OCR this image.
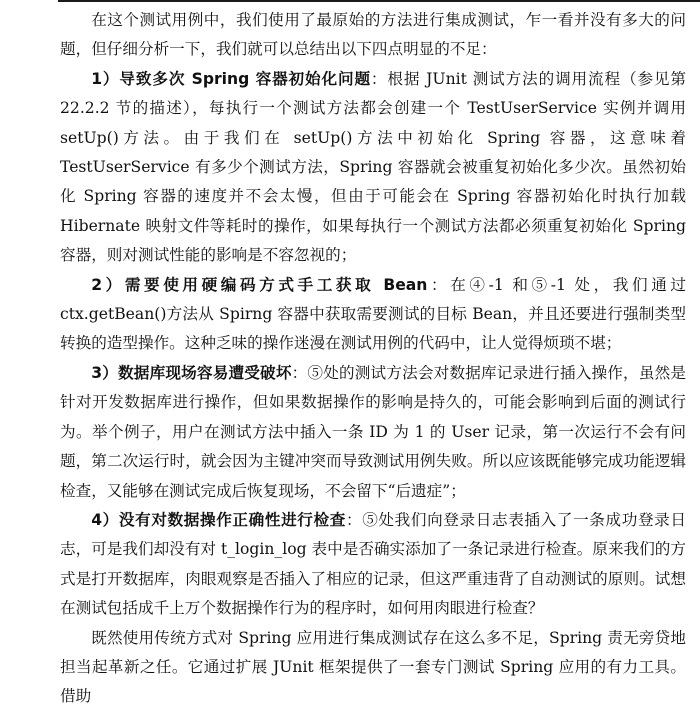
在这个测试用例中，我们使用了最原始的方法进行集成测试，乍一看并没有多大的问题，但仔细分析一下，我们就可以总结出以下四点明显的不足：

1）导致多次 Spring 容器初始化问题：根据 JUnit 测试方法的调用流程（参见第 22.2.2 节的描述），每执行一个测试方法都会创建一个 TestUserService 实例并调用 setUp()方法。由于我们在 setUp()方法中初始化 Spring 容器，这意味着 TestUserService 有多少个测试方法，Spring 容器就会被重复初始化多少次。虽然初始化 Spring 容器的速度并不会太慢，但由于可能会在 Spring 容器初始化时执行加载 Hibernate 映射文件等耗时的操作，如果每执行一个测试方法都必须重复初始化 Spring 容器，则对测试性能的影响是不容忽视的；

2）需要使用硬编码方式手工获取 Bean：在④-1 和⑤-1 处，我们通过 ctx.getBean()方法从 Spirng 容器中获取需要测试的目标 Bean，并且还要进行强制类型转换的造型操作。这种乏味的操作迷漫在测试用例的代码中，让人觉得烦琐不堪；

3）数据库现场容易遭受破坏：⑤处的测试方法会对数据库记录进行插入操作，虽然是针对开发数据库进行操作，但如果数据操作的影响是持久的，可能会影响到后面的测试行为。举个例子，用户在测试方法中插入一条 ID 为 1 的 User 记录，第一次运行不会有问题，第二次运行时，就会因为主键冲突而导致测试用例失败。所以应该既能够完成功能逻辑检查，又能够在测试完成后恢复现场，不会留下“后遗症”；

4）没有对数据操作正确性进行检查：⑤处我们向登录日志表插入了一条成功登录日志，可是我们却没有对 t_login_log 表中是否确实添加了一条记录进行检查。原来我们的方式是打开数据库，肉眼观察是否插入了相应的记录，但这严重违背了自动测试的原则。试想在测试包括成千上万个数据操作行为的程序时，如何用肉眼进行检查？

既然使用传统方式对 Spring 应用进行集成测试存在这么多不足，Spring 责无旁贷地担当起革新之任。它通过扩展 JUnit 框架提供了一套专门测试 Spring 应用的有力工具。借助
